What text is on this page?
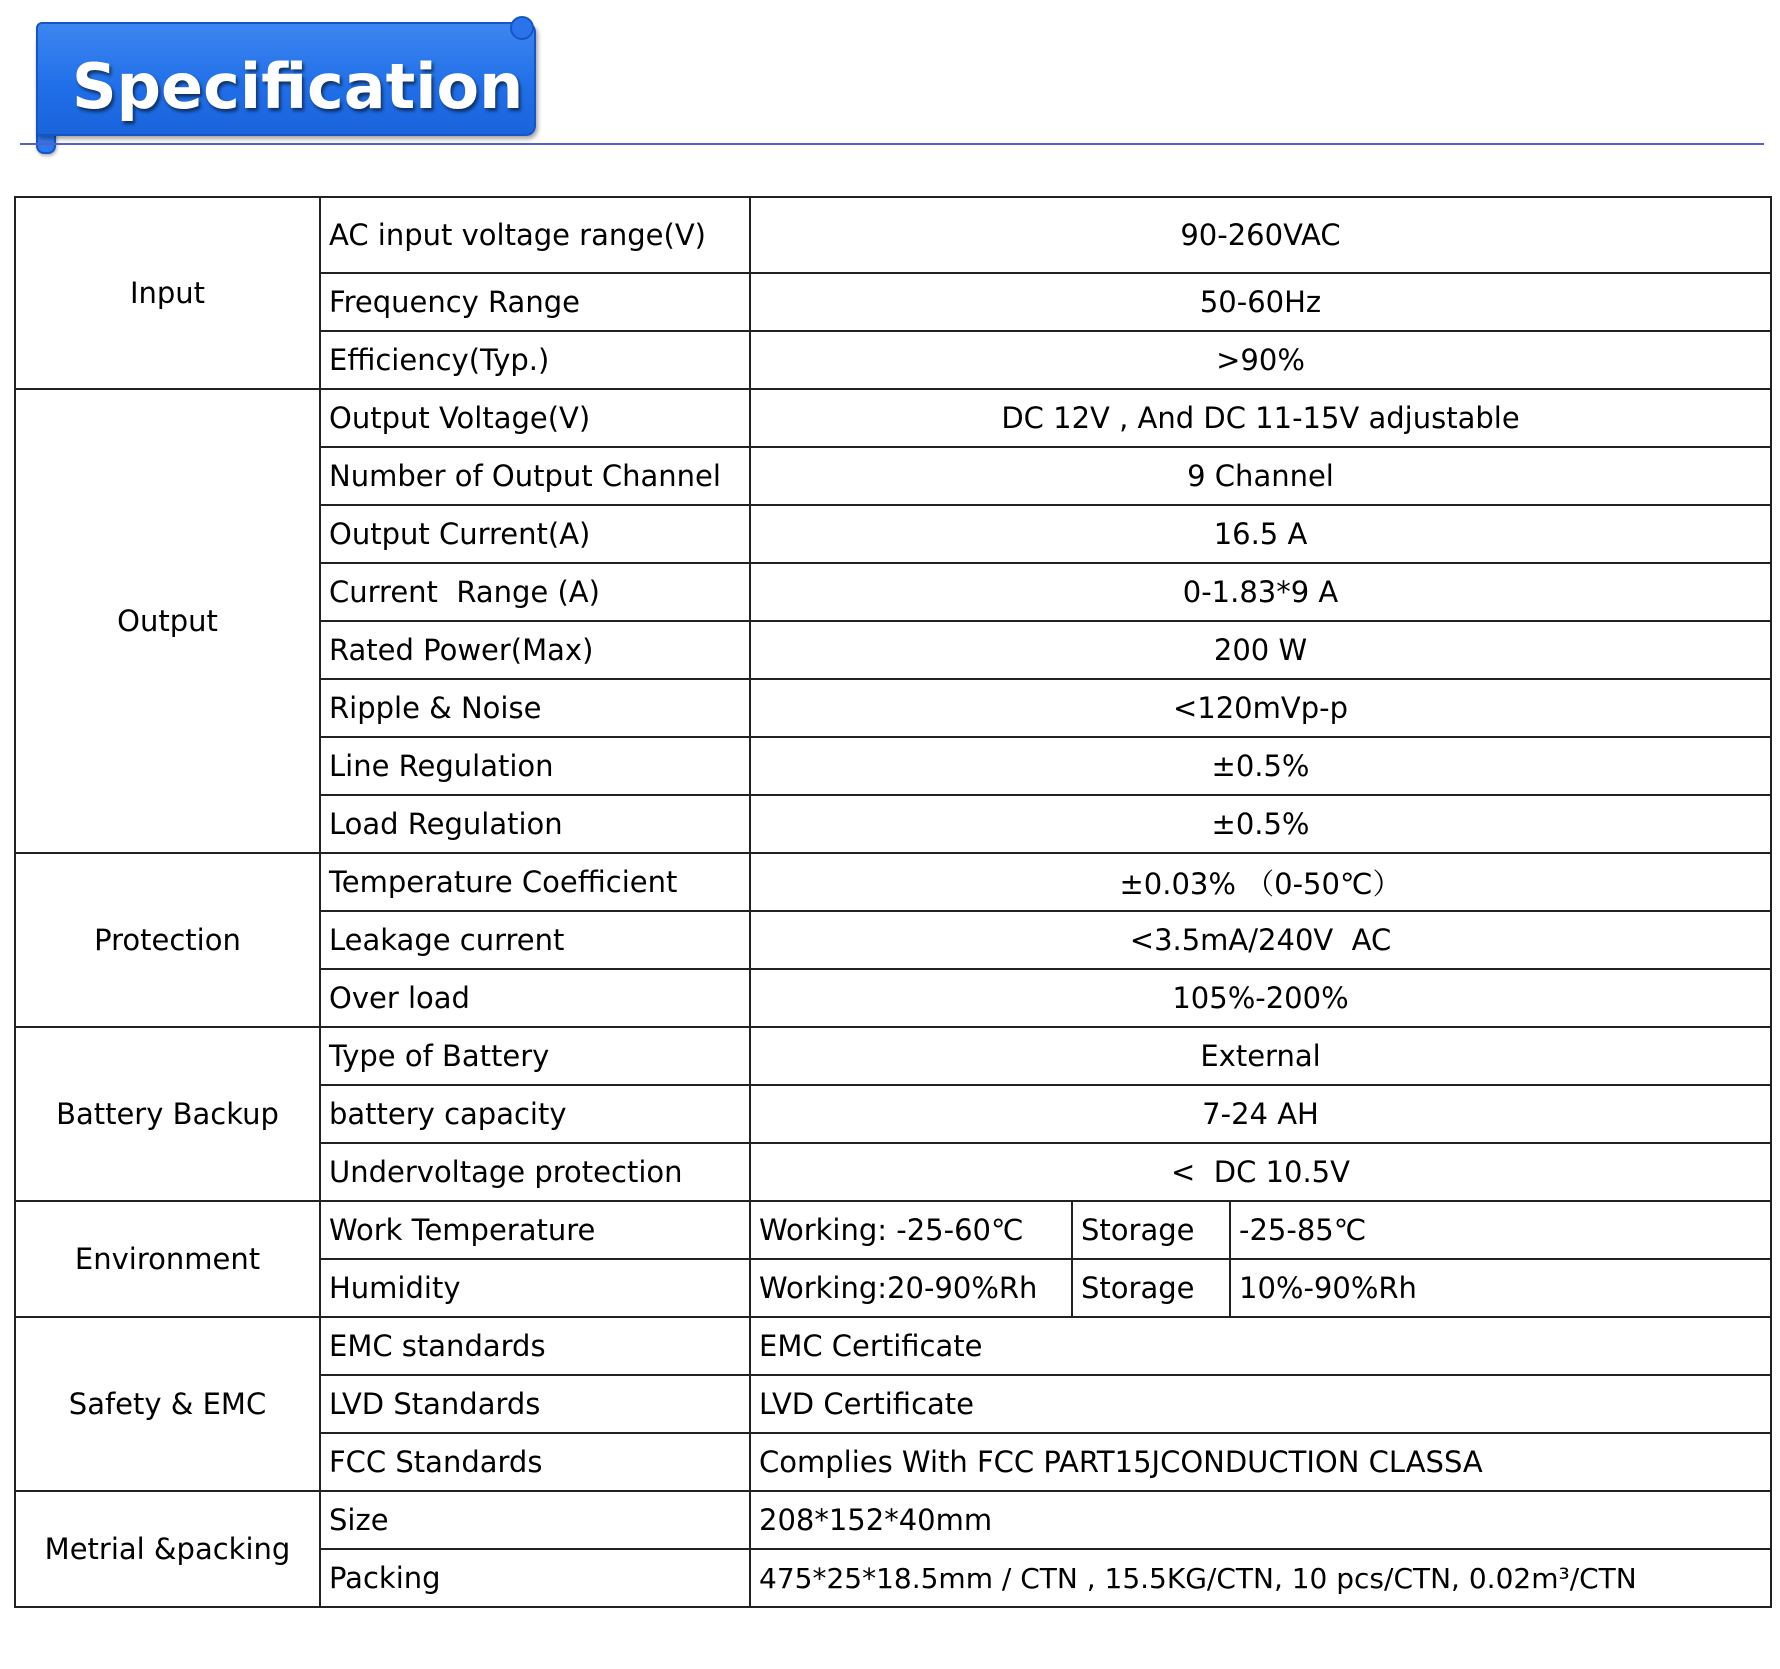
Specification
Input	AC input voltage range(V)	90-260VAC		
	Frequency Range	50-60Hz		
	Efficiency(Typ.)	>90%		
Output	Output Voltage(V)	DC 12V , And DC 11-15V adjustable		
	Number of Output Channel	9 Channel		
	Output Current(A)	16.5 A		
	Current  Range (A)	0-1.83*9 A		
	Rated Power(Max)	200 W		
	Ripple & Noise	<120mVp-p		
	Line Regulation	±0.5%		
	Load Regulation	±0.5%		
Protection	Temperature Coefficient	±0.03% （0-50℃）		
	Leakage current	<3.5mA/240V  AC		
	Over load	105%-200%		
Battery Backup	Type of Battery	External		
	battery capacity	7-24 AH		
	Undervoltage protection	<  DC 10.5V		
Environment	Work Temperature	Working: -25-60℃	Storage	-25-85℃
	Humidity	Working:20-90%Rh	Storage	10%-90%Rh
Safety & EMC	EMC standards	EMC Certificate		
	LVD Standards	LVD Certificate		
	FCC Standards	Complies With FCC PART15JCONDUCTION CLASSA		
Metrial &packing	Size	208*152*40mm		
	Packing	475*25*18.5mm / CTN , 15.5KG/CTN, 10 pcs/CTN, 0.02m³/CTN		
